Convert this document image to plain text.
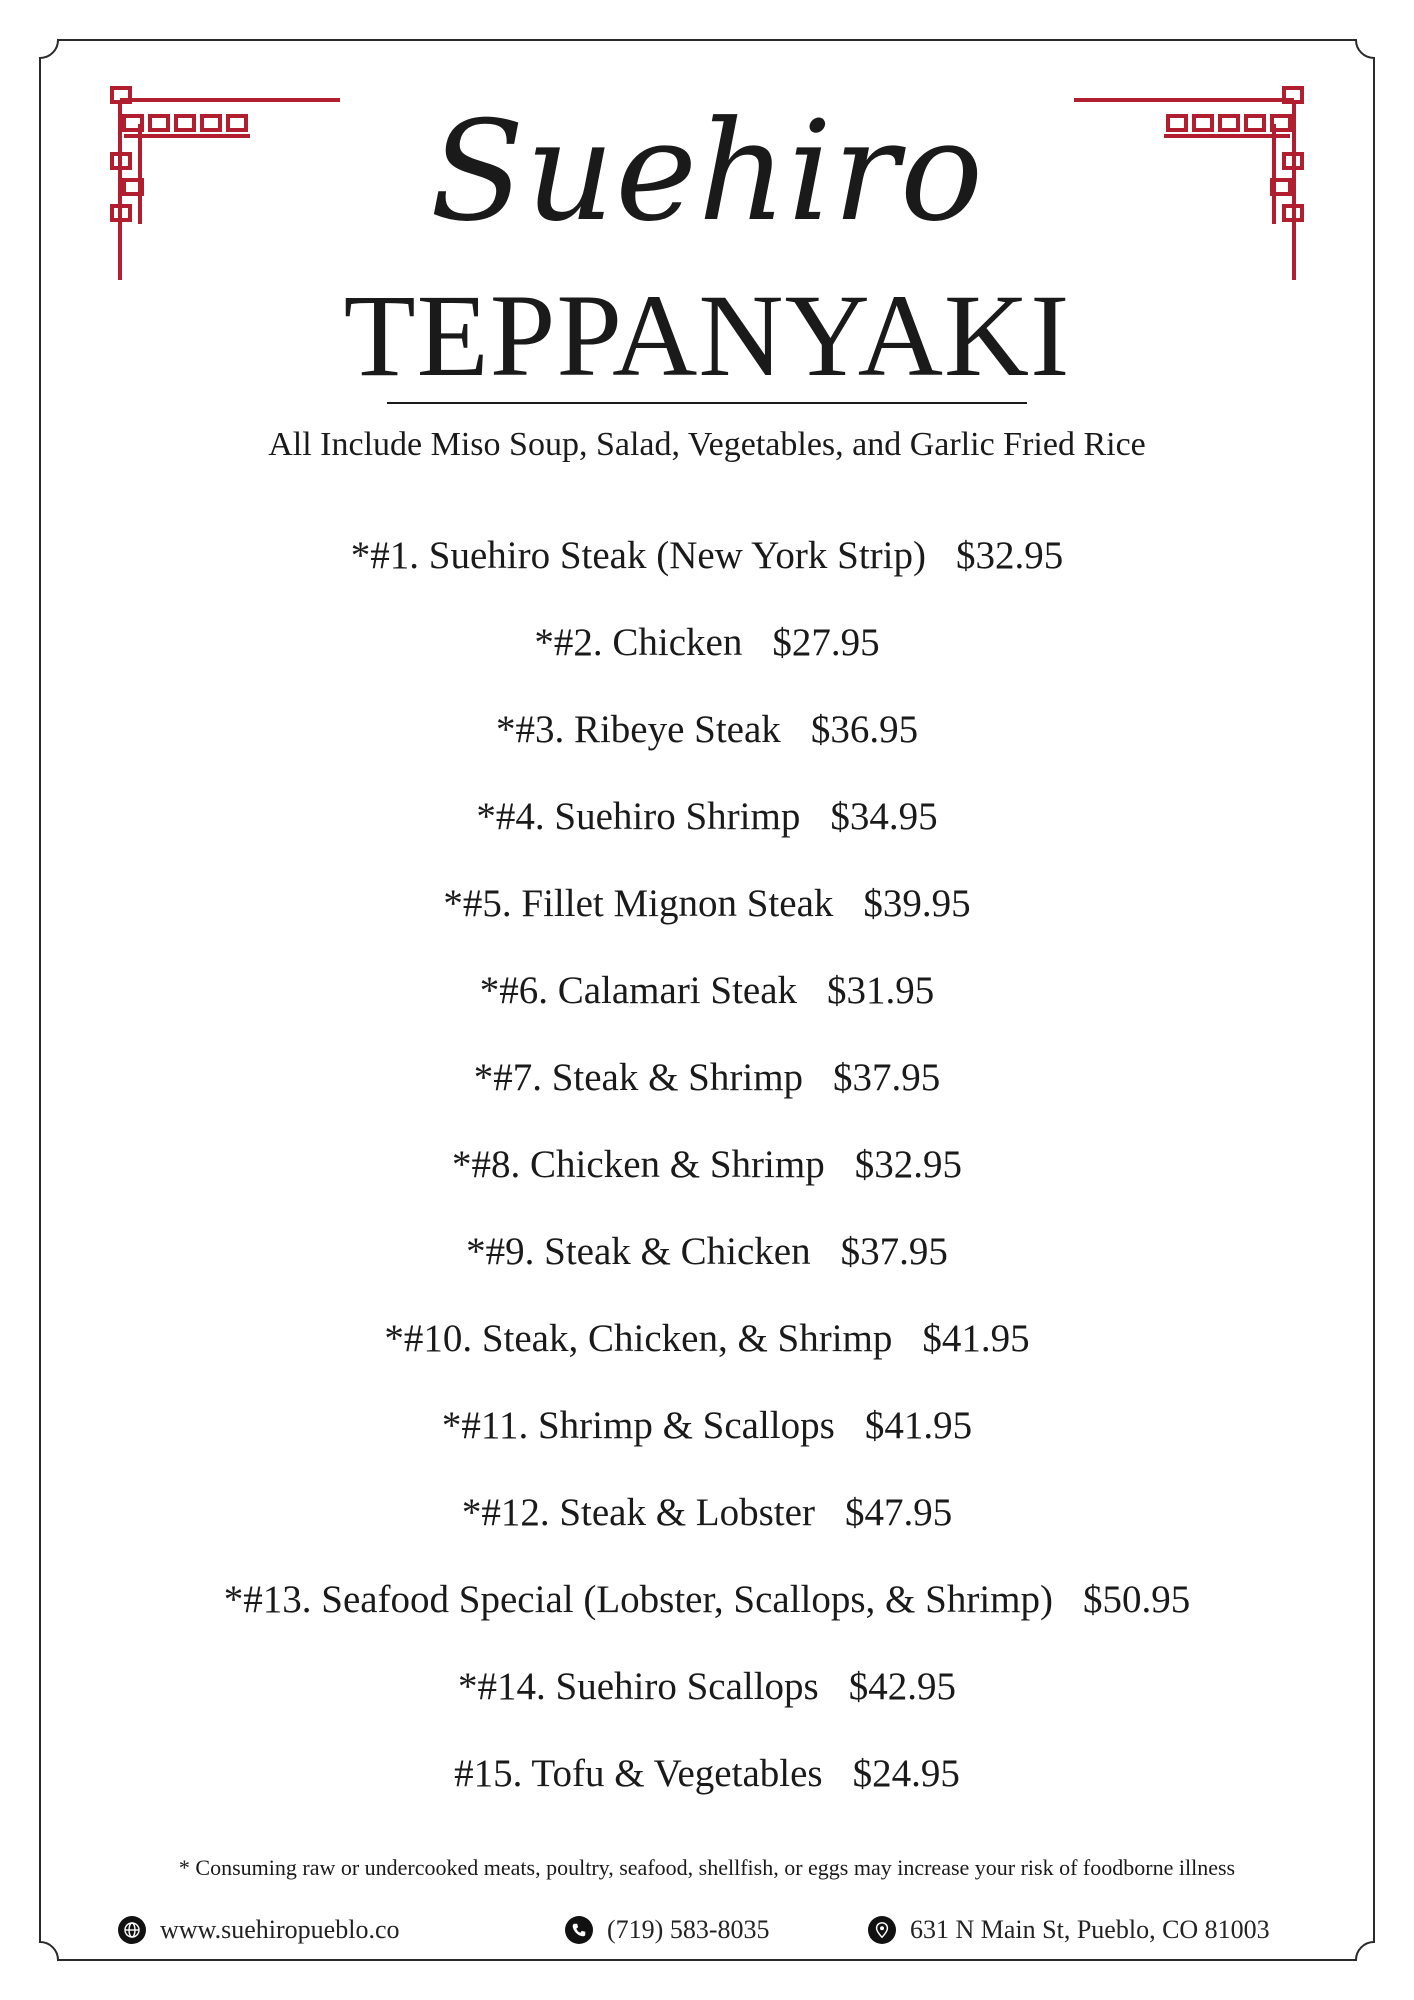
Suehiro
TEPPANYAKI
All Include Miso Soup, Salad, Vegetables, and Garlic Fried Rice
*#1. Suehiro Steak (New York Strip) $32.95
*#2. Chicken $27.95
*#3. Ribeye Steak $36.95
*#4. Suehiro Shrimp $34.95
*#5. Fillet Mignon Steak $39.95
*#6. Calamari Steak $31.95
*#7. Steak & Shrimp $37.95
*#8. Chicken & Shrimp $32.95
*#9. Steak & Chicken $37.95
*#10. Steak, Chicken, & Shrimp $41.95
*#11. Shrimp & Scallops $41.95
*#12. Steak & Lobster $47.95
*#13. Seafood Special (Lobster, Scallops, & Shrimp) $50.95
*#14. Suehiro Scallops $42.95
#15. Tofu & Vegetables $24.95
* Consuming raw or undercooked meats, poultry, seafood, shellfish, or eggs may increase your risk of foodborne illness
www.suehiropueblo.co	(719) 583-8035	631 N Main St, Pueblo, CO 81003
